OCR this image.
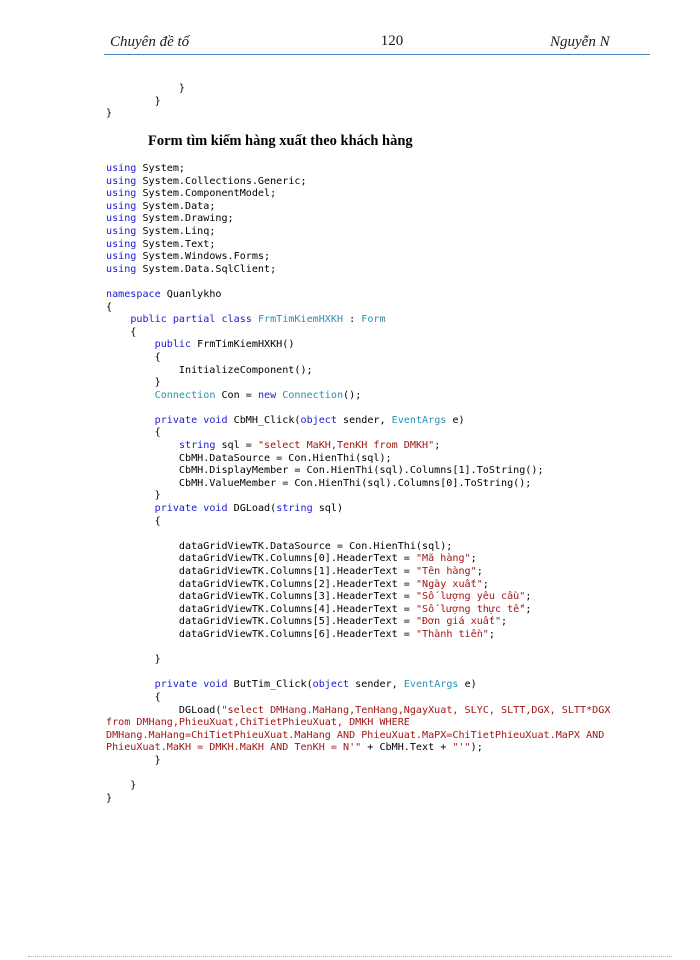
Chuyên đề tố	120	Nguyễn N
}
}
}
Form tìm kiếm hàng xuất theo khách hàng
using System;
using System.Collections.Generic;
using System.ComponentModel;
using System.Data;
using System.Drawing;
using System.Linq;
using System.Text;
using System.Windows.Forms;
using System.Data.SqlClient;
namespace Quanlykho
{
public partial class FrmTimKiemHXKH : Form
{
public FrmTimKiemHXKH()
{
InitializeComponent();
}
Connection Con = new Connection();
private void CbMH_Click(object sender, EventArgs e)
{
string sql = "select MaKH,TenKH from DMKH";
CbMH.DataSource = Con.HienThi(sql);
CbMH.DisplayMember = Con.HienThi(sql).Columns[1].ToString();
CbMH.ValueMember = Con.HienThi(sql).Columns[0].ToString();
}
private void DGLoad(string sql)
{
dataGridViewTK.DataSource = Con.HienThi(sql);
dataGridViewTK.Columns[0].HeaderText = "Mã hàng";
dataGridViewTK.Columns[1].HeaderText = "Tên hàng";
dataGridViewTK.Columns[2].HeaderText = "Ngày xuất";
dataGridViewTK.Columns[3].HeaderText = "Số lượng yêu cầu";
dataGridViewTK.Columns[4].HeaderText = "Số lượng thực tế";
dataGridViewTK.Columns[5].HeaderText = "Đơn giá xuất";
dataGridViewTK.Columns[6].HeaderText = "Thành tiền";
}
private void ButTim_Click(object sender, EventArgs e)
{
DGLoad("select DMHang.MaHang,TenHang,NgayXuat, SLYC, SLTT,DGX, SLTT*DGX
from DMHang,PhieuXuat,ChiTietPhieuXuat, DMKH WHERE
DMHang.MaHang=ChiTietPhieuXuat.MaHang AND PhieuXuat.MaPX=ChiTietPhieuXuat.MaPX AND
PhieuXuat.MaKH = DMKH.MaKH AND TenKH = N'" + CbMH.Text + "'");
}
}
}
